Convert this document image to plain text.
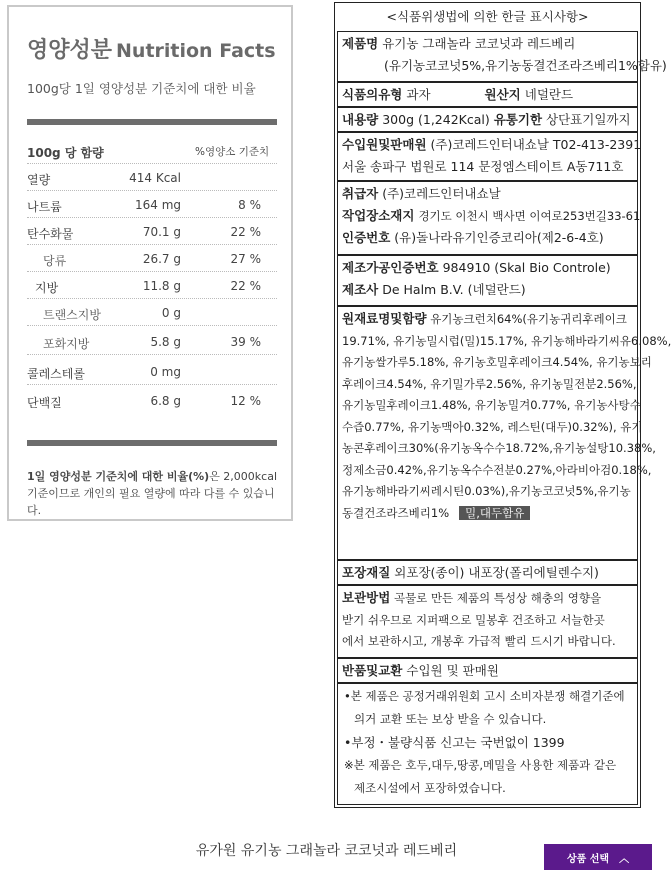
영양성분 Nutrition Facts
100g당 1일 영양성분 기준치에 대한 비율
100g 당 함량	%영양소 기준치
열량	414 Kcal
나트륨	164 mg	8 %
탄수화물	70.1 g	22 %
당류	26.7 g	27 %
지방	11.8 g	22 %
트랜스지방	0 g
포화지방	5.8 g	39 %
콜레스테롤	0 mg
단백질	6.8 g	12 %
1일 영양성분 기준치에 대한 비율(%)은 2,000kcal 기준이므로 개인의 필요 열량에 따라 다를 수 있습니다.
<식품위생법에 의한 한글 표시사항>
제품명 유기농 그래놀라 코코넛과 레드베리
(유기농코코넛5%,유기농동결건조라즈베리1%함유)
식품의유형 과자	원산지 네덜란드
내용량 300g (1,242Kcal) 유통기한 상단표기일까지
수입원및판매원 (주)코레드인터내쇼날 T02-413-2391
서울 송파구 법원로 114 문정엠스테이트 A동711호
취급자 (주)코레드인터내쇼날
작업장소재지 경기도 이천시 백사면 이여로253번길33-61
인증번호 (유)돌나라유기인증코리아(제2-6-4호)
제조가공인증번호 984910 (Skal Bio Controle)
제조사 De Halm B.V. (네덜란드)
원재료명및함량 유기농크런치64%(유기농귀리후레이크
19.71%, 유기농밀시럽(밀)15.17%, 유기농해바라기씨유6.08%,
유기농쌀가루5.18%, 유기농호밀후레이크4.54%, 유기농보리
후레이크4.54%, 유기밀가루2.56%, 유기농밀전분2.56%,
유기농밀후레이크1.48%, 유기농밀겨0.77%, 유기농사탕수
수즙0.77%, 유기농맥아0.32%, 레스틴(대두)0.32%), 유기
농콘후레이크30%(유기농옥수수18.72%,유기농설탕10.38%,
정제소금0.42%,유기농옥수수전분0.27%,아라비아검0.18%,
유기농해바라기씨레시틴0.03%),유기농코코넛5%,유기농
동결건조라즈베리1% 밀,대두함유
포장재질 외포장(종이) 내포장(폴리에틸렌수지)
보관방법 곡물로 만든 제품의 특성상 해충의 영향을
받기 쉬우므로 지퍼팩으로 밀봉후 건조하고 서늘한곳
에서 보관하시고, 개봉후 가급적 빨리 드시기 바랍니다.
반품및교환 수입원 및 판매원
•본 제품은 공정거래위원회 고시 소비자분쟁 해결기준에
의거 교환 또는 보상 받을 수 있습니다.
•부정・불량식품 신고는 국번없이 1399
※본 제품은 호두,대두,땅콩,메밀을 사용한 제품과 같은
제조시설에서 포장하였습니다.
유가원 유기농 그래놀라 코코넛과 레드베리	상품 선택 ︿
